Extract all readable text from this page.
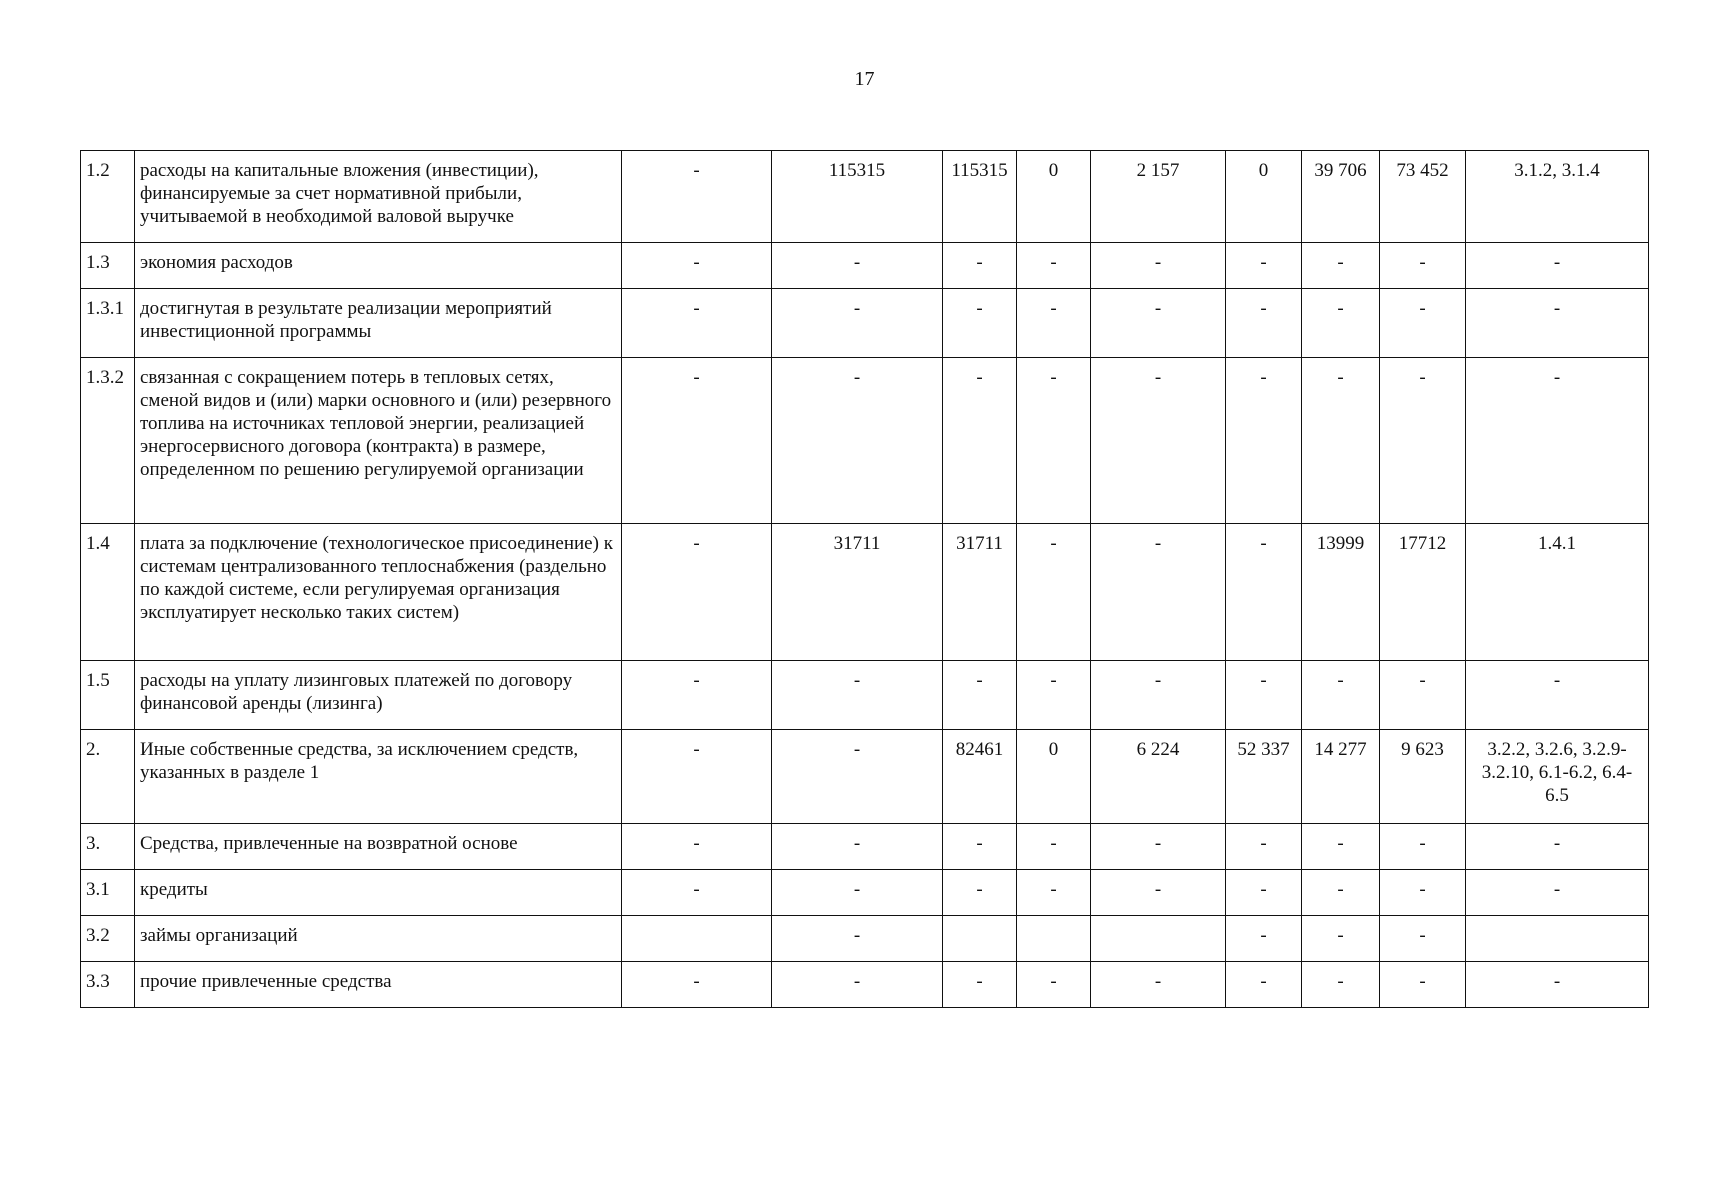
17
1.2	расходы на капитальные вложения (инвестиции), финансируемые за счет нормативной прибыли, учитываемой в необходимой валовой выручке	-	115315	115315	0	2 157	0	39 706	73 452	3.1.2, 3.1.4
1.3	экономия расходов	-	-	-	-	-	-	-	-	-
1.3.1	достигнутая в результате реализации мероприятий инвестиционной программы	-	-	-	-	-	-	-	-	-
1.3.2	связанная с сокращением потерь в тепловых сетях, сменой видов и (или) марки основного и (или) резервного топлива на источниках тепловой энергии, реализацией энергосервисного договора (контракта) в размере, определенном по решению регулируемой организации	-	-	-	-	-	-	-	-	-
1.4	плата за подключение (технологическое присоединение) к системам централизованного теплоснабжения (раздельно по каждой системе, если регулируемая организация эксплуатирует несколько таких систем)	-	31711	31711	-	-	-	13999	17712	1.4.1
1.5	расходы на уплату лизинговых платежей по договору финансовой аренды (лизинга)	-	-	-	-	-	-	-	-	-
2.	Иные собственные средства, за исключением средств, указанных в разделе 1	-	-	82461	0	6 224	52 337	14 277	9 623	3.2.2, 3.2.6, 3.2.9-3.2.10, 6.1-6.2, 6.4-6.5
3.	Средства, привлеченные на возвратной основе	-	-	-	-	-	-	-	-	-
3.1	кредиты	-	-	-	-	-	-	-	-	-
3.2	займы организаций		-				-	-	-	
3.3	прочие привлеченные средства	-	-	-	-	-	-	-	-	-
